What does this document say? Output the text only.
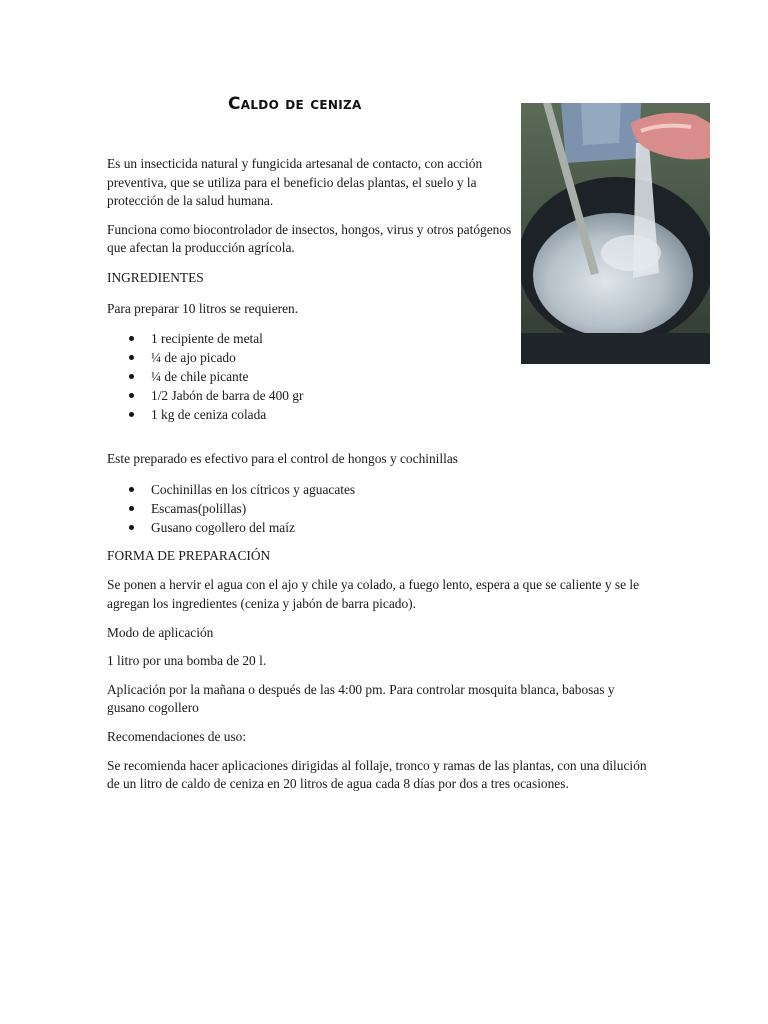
Caldo de ceniza

Es un insecticida natural y fungicida artesanal de contacto, con acción preventiva, que se utiliza para el beneficio delas plantas, el suelo y la protección de la salud humana.

Funciona como biocontrolador de insectos, hongos, virus y otros patógenos que afectan la producción agrícola.

INGREDIENTES

Para preparar 10 litros se requieren.

1 recipiente de metal
¼ de ajo picado
¼ de chile picante
1/2 Jabón de barra de 400 gr
1 kg de ceniza colada

Este preparado es efectivo para el control de hongos y cochinillas

Cochinillas en los cítricos y aguacates
Escamas(polillas)
Gusano cogollero del maíz

FORMA DE PREPARACIÓN

Se ponen a hervir el agua con el ajo y chile ya colado, a fuego lento, espera a que se caliente y se le agregan los ingredientes (ceniza y jabón de barra picado).

Modo de aplicación

1 litro por una bomba de 20 l.

Aplicación por la mañana o después de las 4:00 pm. Para controlar mosquita blanca, babosas y gusano cogollero

Recomendaciones de uso:

Se recomienda hacer aplicaciones dirigidas al follaje, tronco y ramas de las plantas, con una dilución de un litro de caldo de ceniza en 20 litros de agua cada 8 días por dos a tres ocasiones.
